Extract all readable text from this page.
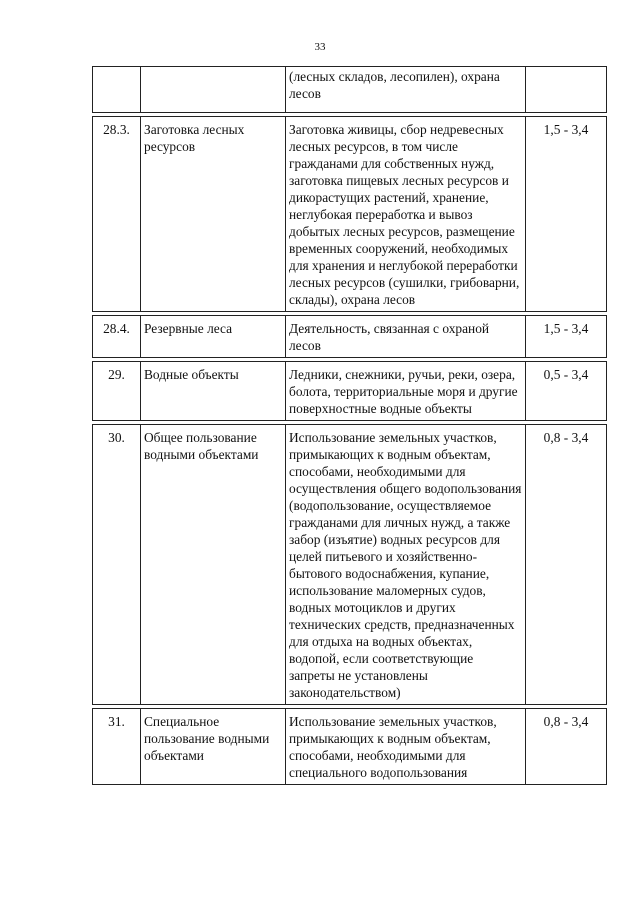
33
		(лесных складов, лесопилен), охрана лесов	

28.3.	Заготовка лесных ресурсов	Заготовка живицы, сбор недревесных лесных ресурсов, в том числе гражданами для собственных нужд, заготовка пищевых лесных ресурсов и дикорастущих растений, хранение, неглубокая переработка и вывоз добытых лесных ресурсов, размещение временных сооружений, необходимых для хранения и неглубокой переработки лесных ресурсов (сушилки, грибоварни, склады), охрана лесов	1,5 - 3,4

28.4.	Резервные леса	Деятельность, связанная с охраной лесов	1,5 - 3,4

29.	Водные объекты	Ледники, снежники, ручьи, реки, озера, болота, территориальные моря и другие поверхностные водные объекты	0,5 - 3,4

30.	Общее пользование водными объектами	Использование земельных участков, примыкающих к водным объектам, способами, необходимыми для осуществления общего водопользования (водопользование, осуществляемое гражданами для личных нужд, а также забор (изъятие) водных ресурсов для целей питьевого и хозяйственно-бытового водоснабжения, купание, использование маломерных судов, водных мотоциклов и других технических средств, предназначенных для отдыха на водных объектах, водопой, если соответствующие запреты не установлены законодательством)	0,8 - 3,4

31.	Специальное пользование водными объектами	Использование земельных участков, примыкающих к водным объектам, способами, необходимыми для специального водопользования	0,8 - 3,4
